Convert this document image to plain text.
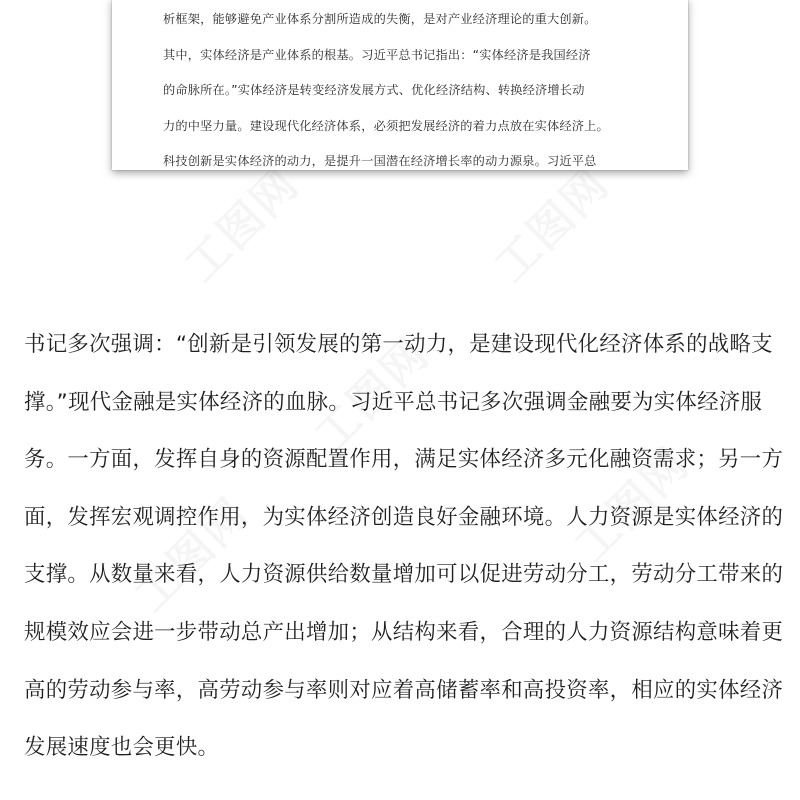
工图网	工图网
工图网
工图网	工图网
析框架，能够避免产业体系分割所造成的失衡，是对产业经济理论的重大创新。
其中，实体经济是产业体系的根基。习近平总书记指出：“实体经济是我国经济
的命脉所在。”实体经济是转变经济发展方式、优化经济结构、转换经济增长动
力的中坚力量。建设现代化经济体系，必须把发展经济的着力点放在实体经济上。
科技创新是实体经济的动力，是提升一国潜在经济增长率的动力源泉。习近平总
书记多次强调：“创新是引领发展的第一动力，是建设现代化经济体系的战略支
撑。”现代金融是实体经济的血脉。习近平总书记多次强调金融要为实体经济服
务。一方面，发挥自身的资源配置作用，满足实体经济多元化融资需求；另一方
面，发挥宏观调控作用，为实体经济创造良好金融环境。人力资源是实体经济的
支撑。从数量来看，人力资源供给数量增加可以促进劳动分工，劳动分工带来的
规模效应会进一步带动总产出增加；从结构来看，合理的人力资源结构意味着更
高的劳动参与率，高劳动参与率则对应着高储蓄率和高投资率，相应的实体经济
发展速度也会更快。
